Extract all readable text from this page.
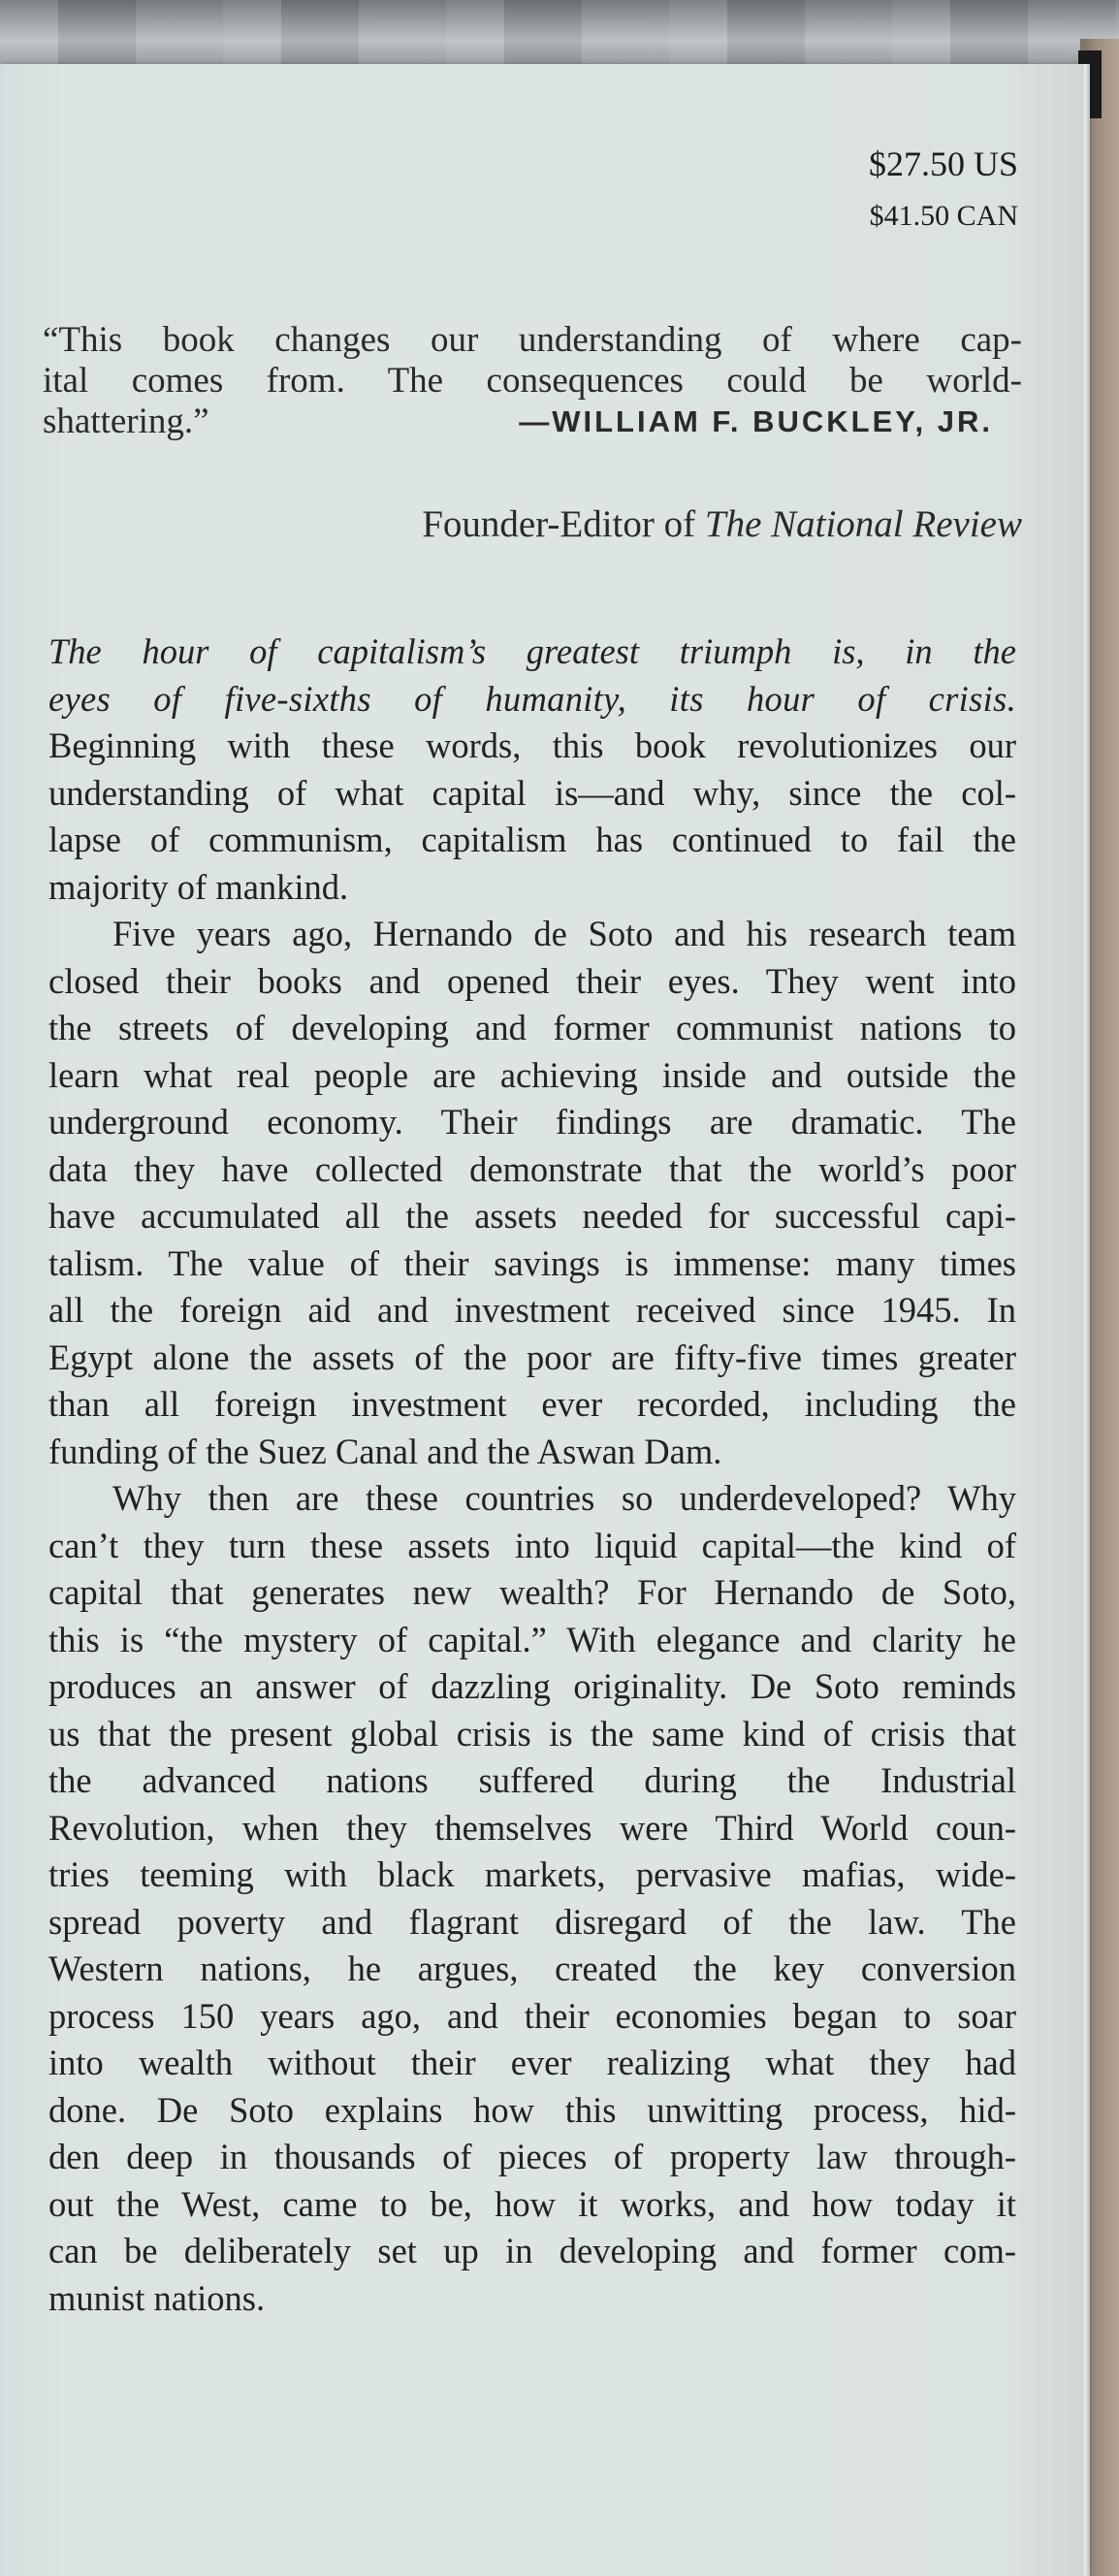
$27.50 US
$41.50 CAN
“This book changes our understanding of where cap-
ital comes from. The consequences could be world-
shattering.”	—WILLIAM F. BUCKLEY, JR.
Founder-Editor of The National Review
The hour of capitalism’s greatest triumph is, in the
eyes of five-sixths of humanity, its hour of crisis.
Beginning with these words, this book revolutionizes our
understanding of what capital is—and why, since the col-
lapse of communism, capitalism has continued to fail the
majority of mankind.
Five years ago, Hernando de Soto and his research team
closed their books and opened their eyes. They went into
the streets of developing and former communist nations to
learn what real people are achieving inside and outside the
underground economy. Their findings are dramatic. The
data they have collected demonstrate that the world’s poor
have accumulated all the assets needed for successful capi-
talism. The value of their savings is immense: many times
all the foreign aid and investment received since 1945. In
Egypt alone the assets of the poor are fifty-five times greater
than all foreign investment ever recorded, including the
funding of the Suez Canal and the Aswan Dam.
Why then are these countries so underdeveloped? Why
can’t they turn these assets into liquid capital—the kind of
capital that generates new wealth? For Hernando de Soto,
this is “the mystery of capital.” With elegance and clarity he
produces an answer of dazzling originality. De Soto reminds
us that the present global crisis is the same kind of crisis that
the advanced nations suffered during the Industrial
Revolution, when they themselves were Third World coun-
tries teeming with black markets, pervasive mafias, wide-
spread poverty and flagrant disregard of the law. The
Western nations, he argues, created the key conversion
process 150 years ago, and their economies began to soar
into wealth without their ever realizing what they had
done. De Soto explains how this unwitting process, hid-
den deep in thousands of pieces of property law through-
out the West, came to be, how it works, and how today it
can be deliberately set up in developing and former com-
munist nations.
